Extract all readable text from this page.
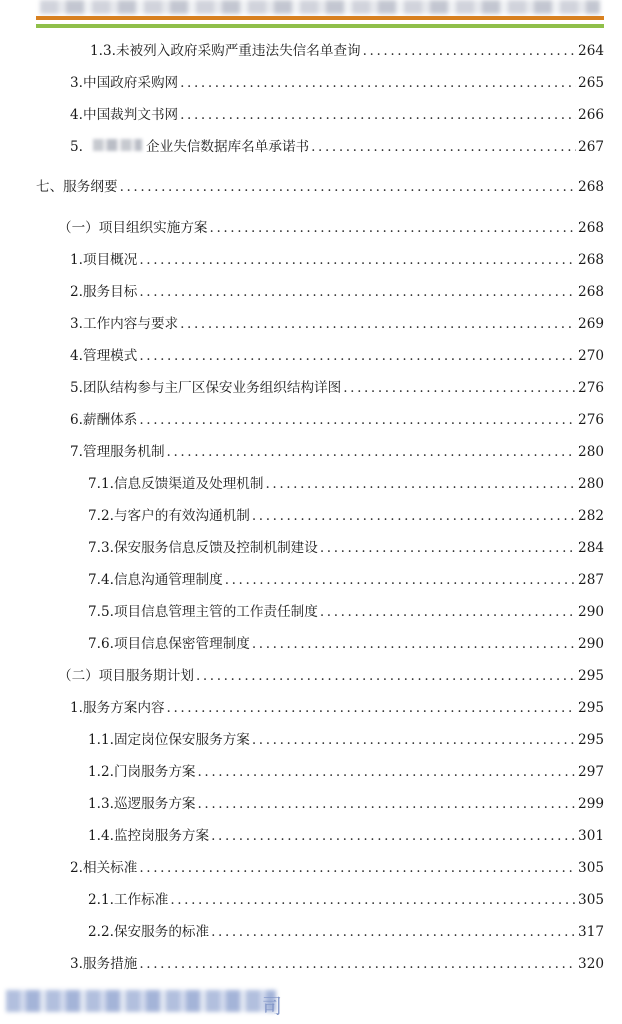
1.3.未被列入政府采购严重违法失信名单查询 .....	264
3.中国政府采购网 .....	265
4.中国裁判文书网 .....	266
5.	企业失信数据库名单承诺书 .....	267
七、服务纲要 .....	268
（一）项目组织实施方案 .....	268
1.项目概况 .....	268
2.服务目标 .....	268
3.工作内容与要求 .....	269
4.管理模式 .....	270
5.团队结构参与主厂区保安业务组织结构详图 .....	276
6.薪酬体系 .....	276
7.管理服务机制 .....	280
7.1.信息反馈渠道及处理机制 .....	280
7.2.与客户的有效沟通机制 .....	282
7.3.保安服务信息反馈及控制机制建设 .....	284
7.4.信息沟通管理制度 .....	287
7.5.项目信息管理主管的工作责任制度 .....	290
7.6.项目信息保密管理制度 .....	290
（二）项目服务期计划 .....	295
1.服务方案内容 .....	295
1.1.固定岗位保安服务方案 .....	295
1.2.门岗服务方案 .....	297
1.3.巡逻服务方案 .....	299
1.4.监控岗服务方案 .....	301
2.相关标准 .....	305
2.1.工作标准 .....	305
2.2.保安服务的标准 .....	317
3.服务措施 .....	320
司
